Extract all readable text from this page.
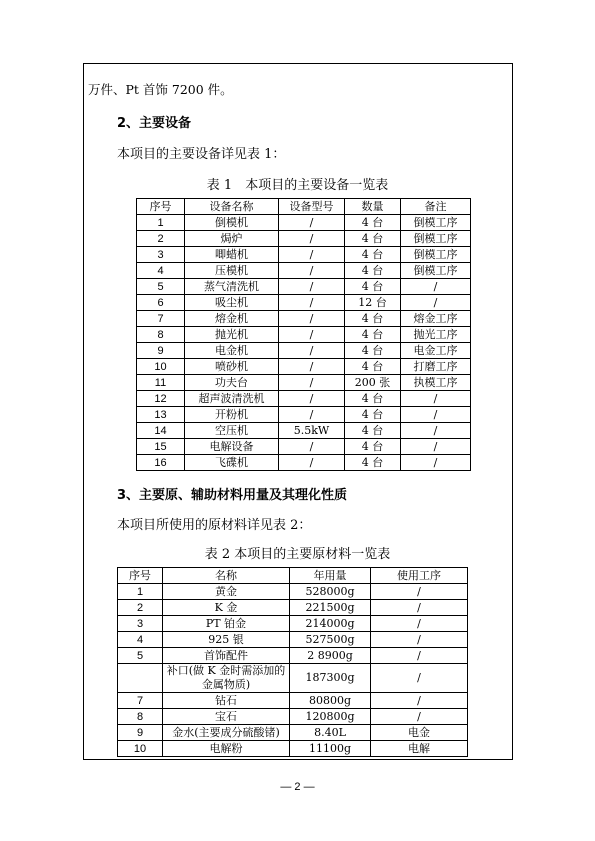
万件、Pt 首饰 7200 件。
2、主要设备
本项目的主要设备详见表 1：
表 1　本项目的主要设备一览表
序号	设备名称	设备型号	数量	备注
1	倒模机	/	4 台	倒模工序
2	焗炉	/	4 台	倒模工序
3	唧蜡机	/	4 台	倒模工序
4	压模机	/	4 台	倒模工序
5	蒸气清洗机	/	4 台	/
6	吸尘机	/	12 台	/
7	熔金机	/	4 台	熔金工序
8	抛光机	/	4 台	抛光工序
9	电金机	/	4 台	电金工序
10	喷砂机	/	4 台	打磨工序
11	功夫台	/	200 张	执模工序
12	超声波清洗机	/	4 台	/
13	开粉机	/	4 台	/
14	空压机	5.5kW	4 台	/
15	电解设备	/	4 台	/
16	飞碟机	/	4 台	/
3、主要原、辅助材料用量及其理化性质
本项目所使用的原材料详见表 2：
表 2 本项目的主要原材料一览表
序号	名称	年用量	使用工序
1	黄金	528000g	/
2	K 金	221500g	/
3	PT 铂金	214000g	/
4	925 银	527500g	/
5	首饰配件	2 8900g	/
	补口(做 K 金时需添加的金属物质)	187300g	/
7	钻石	80800g	/
8	宝石	120800g	/
9	金水(主要成分硫酸锗)	8.40L	电金
10	电解粉	11100g	电解
— 2 —
